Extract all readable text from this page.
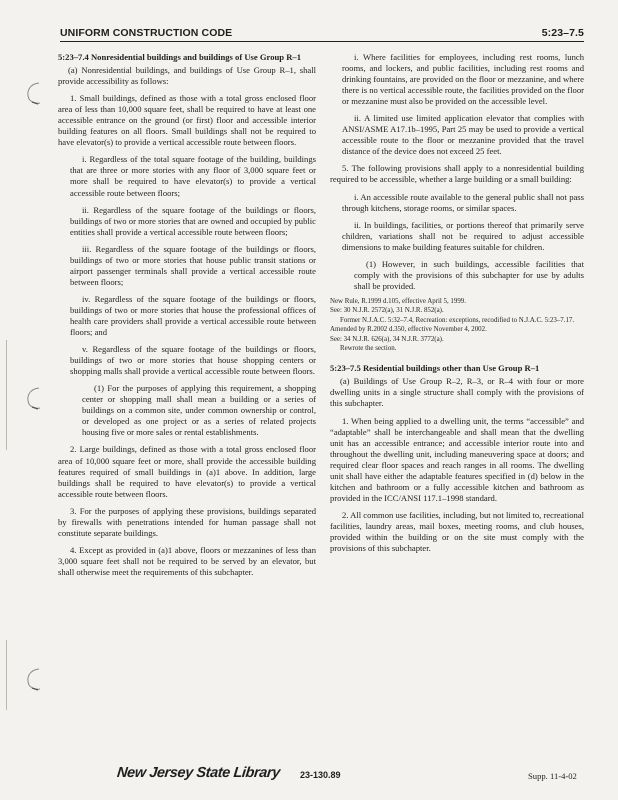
UNIFORM CONSTRUCTION CODE	5:23–7.5
5:23–7.4 Nonresidential buildings and buildings of Use Group R–1

(a) Nonresidential buildings, and buildings of Use Group R–1, shall provide accessibility as follows:

1. Small buildings, defined as those with a total gross enclosed floor area of less than 10,000 square feet, shall be required to have at least one accessible entrance on the ground (or first) floor and accessible interior building features on all floors. Small buildings shall not be required to have elevator(s) to provide a vertical accessible route between floors.

i. Regardless of the total square footage of the building, buildings that are three or more stories with any floor of 3,000 square feet or more shall be required to have elevator(s) to provide a vertical accessible route between floors;

ii. Regardless of the square footage of the buildings or floors, buildings of two or more stories that are owned and occupied by public entities shall provide a vertical accessible route between floors;

iii. Regardless of the square footage of the buildings or floors, buildings of two or more stories that house public transit stations or airport passenger terminals shall provide a vertical accessible route between floors;

iv. Regardless of the square footage of the buildings or floors, buildings of two or more stories that house the professional offices of health care providers shall provide a vertical accessible route between floors; and

v. Regardless of the square footage of the buildings or floors, buildings of two or more stories that house shopping centers or shopping malls shall provide a vertical accessible route between floors.

(1) For the purposes of applying this requirement, a shopping center or shopping mall shall mean a building or a series of buildings on a common site, under common ownership or control, or developed as one project or as a series of related projects housing five or more sales or rental establishments.

2. Large buildings, defined as those with a total gross enclosed floor area of 10,000 square feet or more, shall provide the accessible building features required of small buildings in (a)1 above. In addition, large buildings shall be required to have elevator(s) to provide a vertical accessible route between floors.

3. For the purposes of applying these provisions, buildings separated by firewalls with penetrations intended for human passage shall not constitute separate buildings.

4. Except as provided in (a)1 above, floors or mezzanines of less than 3,000 square feet shall not be required to be served by an elevator, but shall otherwise meet the requirements of this subchapter.

i. Where facilities for employees, including rest rooms, lunch rooms, and lockers, and public facilities, including rest rooms and drinking fountains, are provided on the floor or mezzanine, and where there is no vertical accessible route, the facilities provided on the floor or mezzanine must also be provided on the accessible level.

ii. A limited use limited application elevator that complies with ANSI/ASME A17.1b–1995, Part 25 may be used to provide a vertical accessible route to the floor or mezzanine provided that the travel distance of the device does not exceed 25 feet.

5. The following provisions shall apply to a nonresidential building required to be accessible, whether a large building or a small building:

i. An accessible route available to the general public shall not pass through kitchens, storage rooms, or similar spaces.

ii. In buildings, facilities, or portions thereof that primarily serve children, variations shall not be required to adjust accessible dimensions to make building features suitable for children.

(1) However, in such buildings, accessible facilities that comply with the provisions of this subchapter for use by adults shall be provided.

New Rule, R.1999 d.105, effective April 5, 1999.

See: 30 N.J.R. 2572(a), 31 N.J.R. 852(a).

Former N.J.A.C. 5:32–7.4, Recreation: exceptions, recodified to N.J.A.C. 5:23–7.17.

Amended by R.2002 d.350, effective November 4, 2002.

See: 34 N.J.R. 626(a), 34 N.J.R. 3772(a).

Rewrote the section.

5:23–7.5 Residential buildings other than Use Group R–1

(a) Buildings of Use Group R–2, R–3, or R–4 with four or more dwelling units in a single structure shall comply with the provisions of this subchapter.

1. When being applied to a dwelling unit, the terms “accessible” and “adaptable” shall be interchangeable and shall mean that the dwelling unit has an accessible entrance; and accessible interior route into and throughout the dwelling unit, including maneuvering space at doors; and required clear floor spaces and reach ranges in all rooms. The dwelling unit shall have either the adaptable features specified in (d) below in the kitchen and bathroom or a fully accessible kitchen and bathroom as provided in the ICC/ANSI 117.1–1998 standard.

2. All common use facilities, including, but not limited to, recreational facilities, laundry areas, mail boxes, meeting rooms, and club houses, provided within the building or on the site must comply with the provisions of this subchapter.

New Jersey State Library 23-130.89	Supp. 11-4-02
